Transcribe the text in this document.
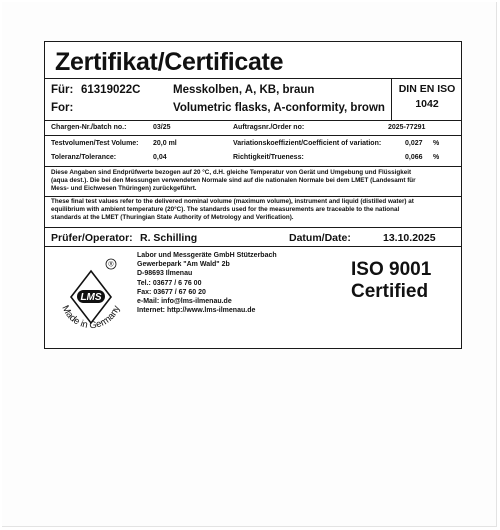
Zertifikat/Certificate
Für: 61319022C	Messkolben, A, KB, braun
For:	Volumetric flasks, A-conformity, brown
DIN EN ISO
1042
Chargen-Nr./batch no.:	03/25	Auftragsnr./Order no:	2025-77291
Testvolumen/Test Volume: 20,0 ml	Variationskoeffizient/Coefficient of variation:	0,027 %
Toleranz/Tolerance:	0,04	Richtigkeit/Trueness:	0,066 %
Diese Angaben sind Endprüfwerte bezogen auf 20 °C, d.H. gleiche Temperatur von Gerät und Umgebung und Flüssigkeit
(aqua dest.). Die bei den Messungen verwendeten Normale sind auf die nationalen Normale bei dem LMET (Landesamt für
Mess- und Eichwesen Thüringen) zurückgeführt.
These final test values refer to the delivered nominal volume (maximum volume), instrument and liquid (distilled water) at
equilibrium with ambient temperature (20°C). The standards used for the measurements are traceable to the national
standards at the LMET (Thuringian State Authority of Metrology and Verification).
Prüfer/Operator: R. Schilling	Datum/Date:	13.10.2025
®
LMS
Made in Germany
Labor und Messgeräte GmbH Stützerbach
Gewerbepark "Am Wald" 2b
D-98693 Ilmenau
Tel.: 03677 / 6 76 00
Fax: 03677 / 67 60 20
e-Mail: info@lms-ilmenau.de
Internet: http://www.lms-ilmenau.de
ISO 9001
Certified
